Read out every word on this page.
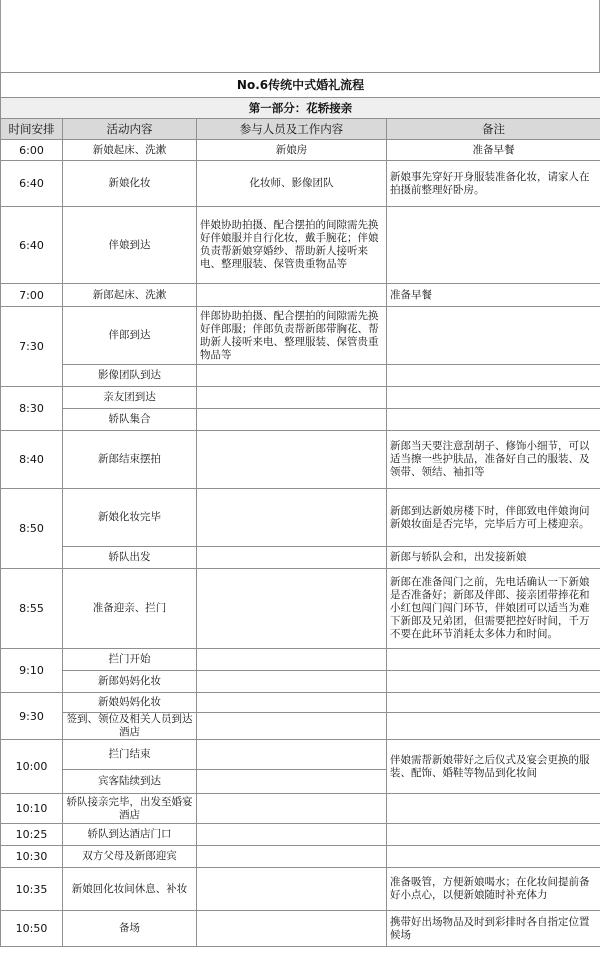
No.6传统中式婚礼流程			
第一部分：花轿接亲			
时间安排	活动内容	参与人员及工作内容	备注
6:00	新娘起床、洗漱	新娘房	准备早餐
6:40	新娘化妆	化妆师、影像团队	新娘事先穿好开身服装准备化妆，请家人在拍摄前整理好卧房。
6:40	伴娘到达	伴娘协助拍摄、配合摆拍的间隙需先换好伴娘服并自行化妆，戴手腕花；伴娘负责帮新娘穿婚纱、帮助新人接听来电、整理服装、保管贵重物品等	
7:00	新郎起床、洗漱		准备早餐
7:30	伴郎到达	伴郎协助拍摄、配合摆拍的间隙需先换好伴郎服；伴郎负责帮新郎带胸花、帮助新人接听来电、整理服装、保管贵重物品等	
	影像团队到达		
8:30	亲友团到达		
	轿队集合		
8:40	新郎结束摆拍		新郎当天要注意刮胡子、修饰小细节，可以适当擦一些护肤品，准备好自己的服装、及领带、领结、袖扣等
8:50	新娘化妆完毕		新郎到达新娘房楼下时，伴郎致电伴娘询问新娘妆面是否完毕，完毕后方可上楼迎亲。
	轿队出发		新郎与轿队会和，出发接新娘
8:55	准备迎亲、拦门		新郎在准备闯门之前，先电话确认一下新娘是否准备好；新郎及伴郎、接亲团带捧花和小红包闯门闯门环节，伴娘团可以适当为难下新郎及兄弟团，但需要把控好时间，千万不要在此环节消耗太多体力和时间。
9:10	拦门开始		
	新郎妈妈化妆		
9:30	新娘妈妈化妆		
	签到、领位及相关人员到达酒店		
10:00	拦门结束		伴娘需帮新娘带好之后仪式及宴会更换的服装、配饰、婚鞋等物品到化妆间
	宾客陆续到达		
10:10	轿队接亲完毕，出发至婚宴酒店		
10:25	轿队到达酒店门口		
10:30	双方父母及新郎迎宾		
10:35	新娘回化妆间休息、补妆		准备吸管，方便新娘喝水；在化妆间提前备好小点心，以便新娘随时补充体力
10:50	备场		携带好出场物品及时到彩排时各自指定位置候场
